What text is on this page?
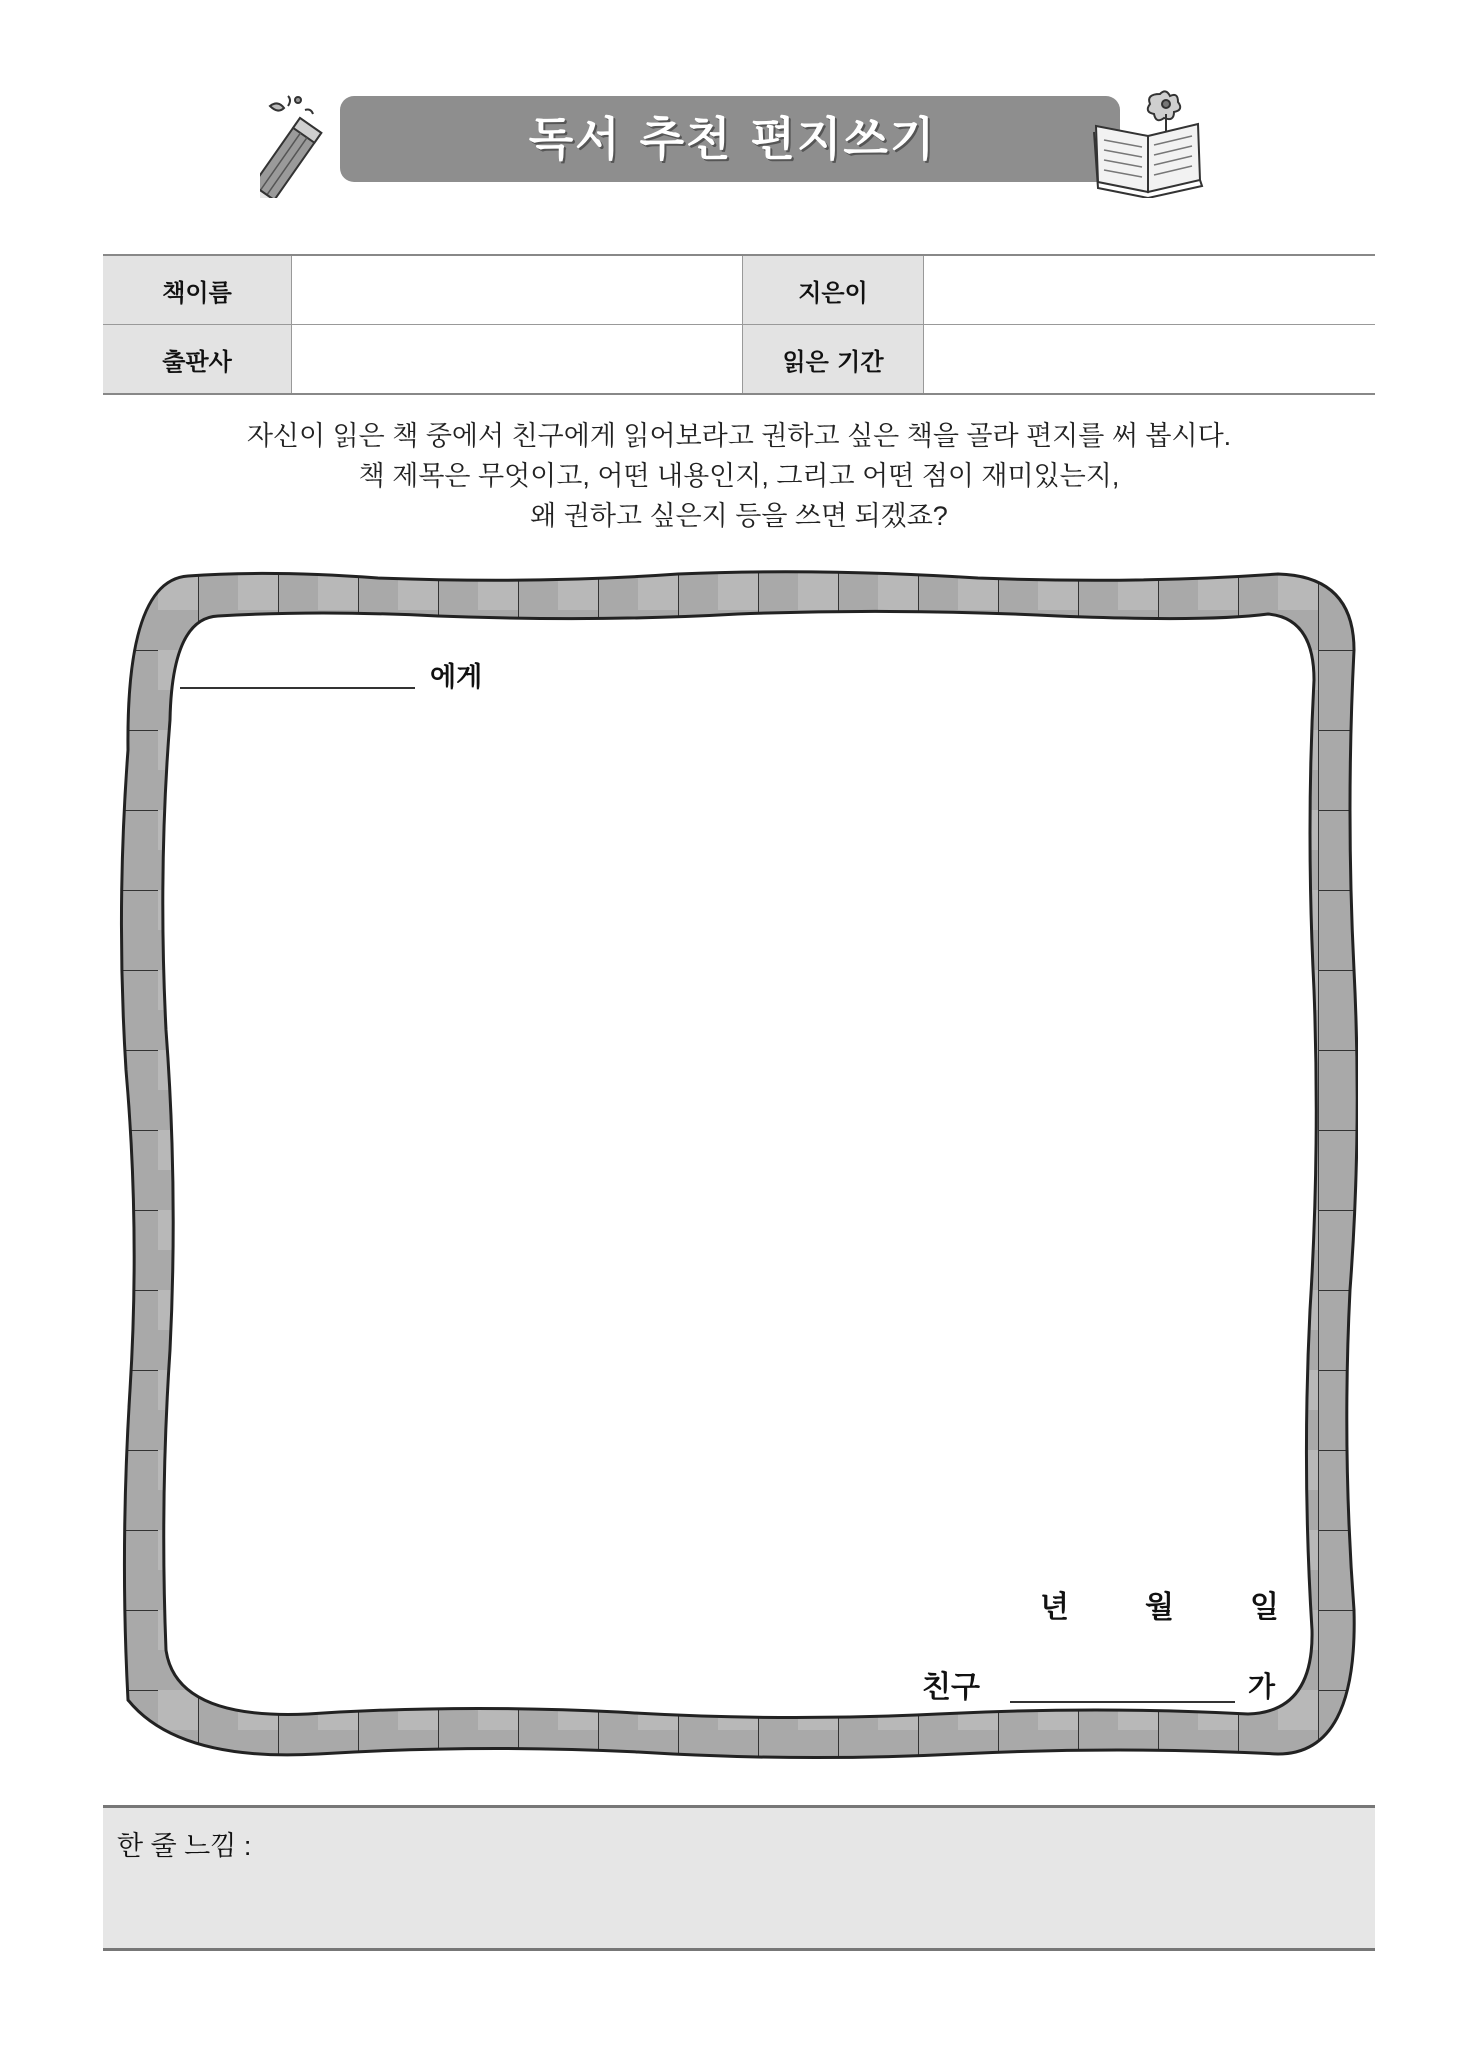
독서 추천 편지쓰기
책이름		지은이	
출판사		읽은 기간	
자신이 읽은 책 중에서 친구에게 읽어보라고 권하고 싶은 책을 골라 편지를 써 봅시다.
책 제목은 무엇이고, 어떤 내용인지, 그리고 어떤 점이 재미있는지,
왜 권하고 싶은지 등을 쓰면 되겠죠?
에게
년	월	일
친구	가
한 줄 느낌 :
